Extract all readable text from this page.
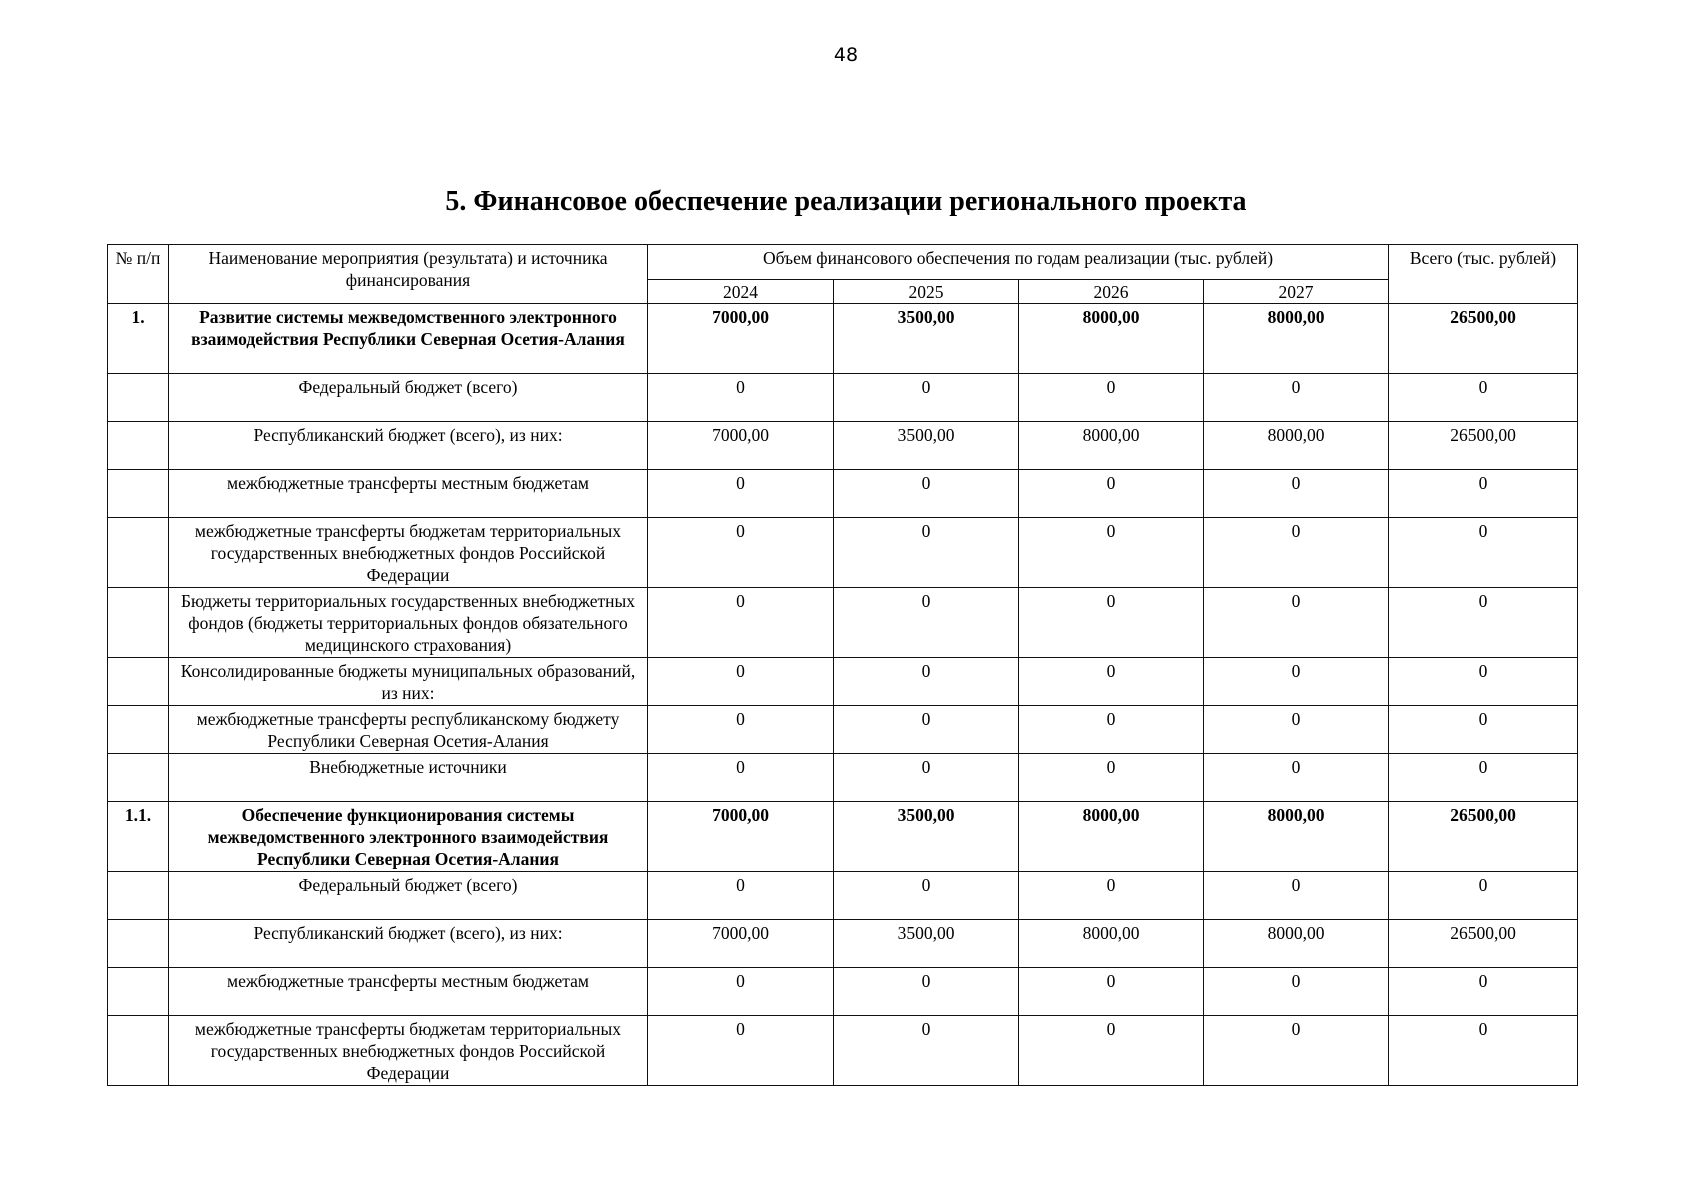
48
5. Финансовое обеспечение реализации регионального проекта
№ п/п	Наименование мероприятия (результата) и источника финансирования	Объем финансового обеспечения по годам реализации (тыс. рублей)				Всего (тыс. рублей)
		2024	2025	2026	2027	
1.	Развитие системы межведомственного электронного взаимодействия Республики Северная Осетия-Алания	7000,00	3500,00	8000,00	8000,00	26500,00
	Федеральный бюджет (всего)	0	0	0	0	0
	Республиканский бюджет (всего), из них:	7000,00	3500,00	8000,00	8000,00	26500,00
	межбюджетные трансферты местным бюджетам	0	0	0	0	0
	межбюджетные трансферты бюджетам территориальных государственных внебюджетных фондов Российской Федерации	0	0	0	0	0
	Бюджеты территориальных государственных внебюджетных фондов (бюджеты территориальных фондов обязательного медицинского страхования)	0	0	0	0	0
	Консолидированные бюджеты муниципальных образований, из них:	0	0	0	0	0
	межбюджетные трансферты республиканскому бюджету Республики Северная Осетия-Алания	0	0	0	0	0
	Внебюджетные источники	0	0	0	0	0
1.1.	Обеспечение функционирования системы межведомственного электронного взаимодействия Республики Северная Осетия-Алания	7000,00	3500,00	8000,00	8000,00	26500,00
	Федеральный бюджет (всего)	0	0	0	0	0
	Республиканский бюджет (всего), из них:	7000,00	3500,00	8000,00	8000,00	26500,00
	межбюджетные трансферты местным бюджетам	0	0	0	0	0
	межбюджетные трансферты бюджетам территориальных государственных внебюджетных фондов Российской Федерации	0	0	0	0	0
